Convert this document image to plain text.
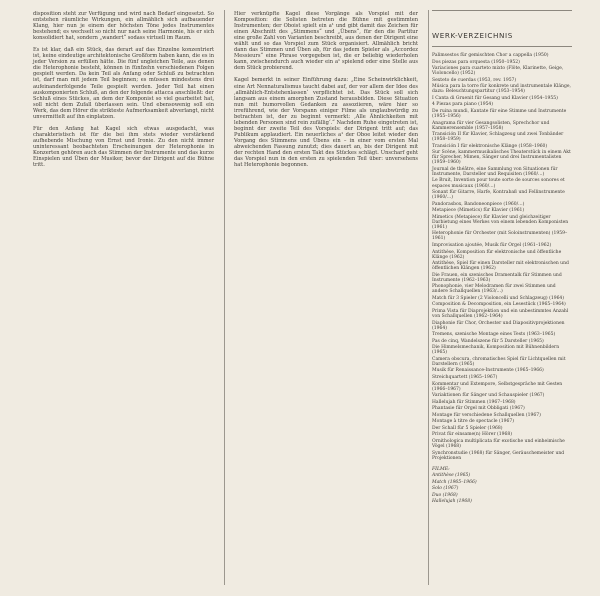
disposition steht zur Verfügung und wird nach Bedarf eingesetzt. So entstehen räumliche Wirkungen, ein allmählich sich aufbauender Klang, hier nun je einem der höchsten Töne jedes Instrumentes bestehend; es wechselt so nicht nur nach seine Harmonie, his er sich konsolidiert hat, sondern „wandert“ sodass virtuell im Raum.

Es ist klar, daß ein Stück, das derart auf das Einzelne konzentriert ist, keine eindeutige architektonische Großform haben kann, die es in jeder Version zu erfüllen hätte. Die fünf ungleichen Teile, aus denen die Heterophonie besteht, können in fünfzehn verschiedenen Folgen gespielt werden. Da kein Teil als Anfang oder Schluß zu betrachten ist, darf man mit jedem Teil beginnen; es müssen mindestens drei aufeinanderfolgende Teile gespielt werden. Jeder Teil hat einen auskomponierten Schluß, an den der folgende attacca anschließt: der Schluß eines Stückes, an dem der Komponist so viel gearbeitet hat, soll nicht dem Zufall überlassen sein. Und ebensowenig soll ein Werk, das dem Hörer die strikteste Aufmerksamkeit abverlangt, nicht unvermittelt auf ihn einplatzen.

Für den Anfang hat Kagel sich etwas ausgedacht, was charakteristisch ist für die bei ihm stets wieder verstärkend aufhebende Mischung von Ernst und Ironie. Zu den nicht immer uninteressant beobachteten Erscheinungen der Heterophonie in Konzerten gehören auch das Stimmen der Instrumente und das kurze Einspielen und Üben der Musiker, bevor der Dirigent auf die Bühne tritt.

Hier verknüpfte Kagel diese Vorgänge als Vorspiel mit der Komposition: die Solisten betreten die Bühne mit gestimmten Instrumenten; der Oboist spielt ein a¹ und gibt damit das Zeichen für einen Abschnitt des „Stimmens“ und „Übens“, für den die Partitur eine große Zahl von Varianten beschreibt, aus denen der Dirigent eine wählt und so das Vorspiel zum Stück organisiert. Allmählich bricht dann das Stimmen und Üben ab, für das jedem Spieler als „Accordez Messieurs“ eine Phrase vorgegeben ist, die er beliebig wiederholen kann, zwischendurch auch wieder ein a¹ spielend oder eine Stelle aus dem Stück probierend.

Kagel bemerkt in seiner Einführung dazu: „Eine Scheinwirklichkeit, eine Art Nennaturalismus taucht dabei auf, der vor allem der Idee des ‚allmählich-Entstehenlassen‘ verpflichtet ist. Das Stück soll sich langsam aus einem amorphen Zustand herausbilden. Diese Situation nun mit humorvollen Gedanken zu assoziieren, wäre hier so irreführend, wie der Vorspann einiger Filme als unglaubwürdig zu betrachten ist, der zu beginnt vermerkt: ‚Alle Ähnlichkeiten mit lebenden Personen sind rein zufällig‘.“ Nachdem Ruhe eingetreten ist, beginnt der zweite Teil des Vorspiels: der Dirigent tritt auf; das Publikum applaudiert. Ein neuerliches a¹ der Oboe leitet wieder den Vorgang des Stimmens und Übens ein – in einer vom ersten Mal abweichenden Fassung zunutzt; dies dauert an, bis der Dirigent mit der rechten Hand den ersten Takt des Stückes schlägt. Unscharf geht das Vorspiel nun in den ersten zu spielenden Teil über: unversehens hat Heterophonie begonnen.

WERK-VERZEICHNIS
Palimsestos für gemischten Chor a cappella (1950)
Dos piezas para orquesta (1950–1952)
Variaciones para cuarteto mixto (Flöte, Klarinette, Geige, Violoncello) (1952)
Sexteto de cuerdas (1953, rev. 1957)
Música para la torre für konkrete und instrumentale Klänge, dazu: Beleuchtungspartitur (1953–1954)
I Canta di Gruenit für Gesang und Klavier (1954–1955)
4 Piezas para piano (1954)
De ruina mundi, Kantate für eine Stimme und Instrumente (1955–1956)
Anagrama für vier Gesangsolisten, Sprechchor und Kammerensemble (1957–1958)
Transición II für Klavier, Schlagzeug und zwei Tonbänder (1958–1959)
Transición I für elektronische Klänge (1958–1960)
Sur Scène, kammermusikalisches Theaterstück in einem Akt für Sprecher, Mimen, Sänger und drei Instrumentalisten (1959–1960)
Journal de théâtre, eine Sammlung von Situationen für Instrumente, Darsteller und Requisiten (1960/…)
Le Bruit, Invention pour toute sorte de sources sonores et espaces musicaux (1960/…)
Sonant für Gitarre, Harfe, Kontrabaß und Fellinstrumente (1960/…)
Pandorasbox, Bandoneonpiece (1960/…)
Metapiece (Mimetics) für Klavier (1961)
Mimetics (Metapiece) für Klavier und gleichzeitiger Darbietung eines Werkes von einem lebenden Komponisten (1961)
Heterophonie für Orchester (mit Soloinstrumenten) (1959–1961)
Improvisation ajoutée, Musik für Orgel (1961–1962)
Antithèse, Komposition für elektronische und öffentliche Klänge (1962)
Antithèse, Spiel für einen Darsteller mit elektronischen und öffentlichen Klängen (1962)
Die Frauen, ein szenisches Dramentalk für Stimmen und Instrumente (1962–1963)
Phonophonie, vier Melodramen für zwei Stimmen und andere Schallquellen (1963/…)
Match für 3 Spieler (2 Violoncelli und Schlagzeug) (1964)
Composition & Decomposition, ein Lesestück (1965–1964)
Prima Vista für Diaprojektion und ein unbestimmtes Anzahl von Schallquellen (1962–1964)
Diaphonie für Chor, Orchester und Diapositivprojektionen (1964)
Tremens, szenische Montage eines Tests (1963–1965)
Pas de cinq, Wandelszene für 5 Darsteller (1965)
Die Himmelsmechanik, Komposition mit Bühnenbildern (1965)
Camera obscura, chromatisches Spiel für Lichtquellen mit Darstellern (1965)
Musik für Renaissance-Instrumente (1965–1966)
Streichquartett (1965–1967)
Kommentar und Extempore, Selbstgespräche mit Gesten (1966–1967)
Variaktionen für Sänger und Schauspieler (1967)
Hallelujah für Stimmen (1967–1968)
Phantasie für Orgel mit Obbligati (1967)
Montage für verschiedene Schallquellen (1967)
Montage à titre de spectacle (1967)
Der Schall für 5 Spieler (1968)
Privat für einsame(n) Hörer (1968)
Ornithologica multiplicata für exotische und einheimische Vögel (1968)
Synchronstudie (1968) für Sänger, Geräuschemeister und Projektionen
FILME:
Antithèse (1965)
Match (1965–1966)
Solo (1967)
Duo (1968)
Hallelujah (1968)
